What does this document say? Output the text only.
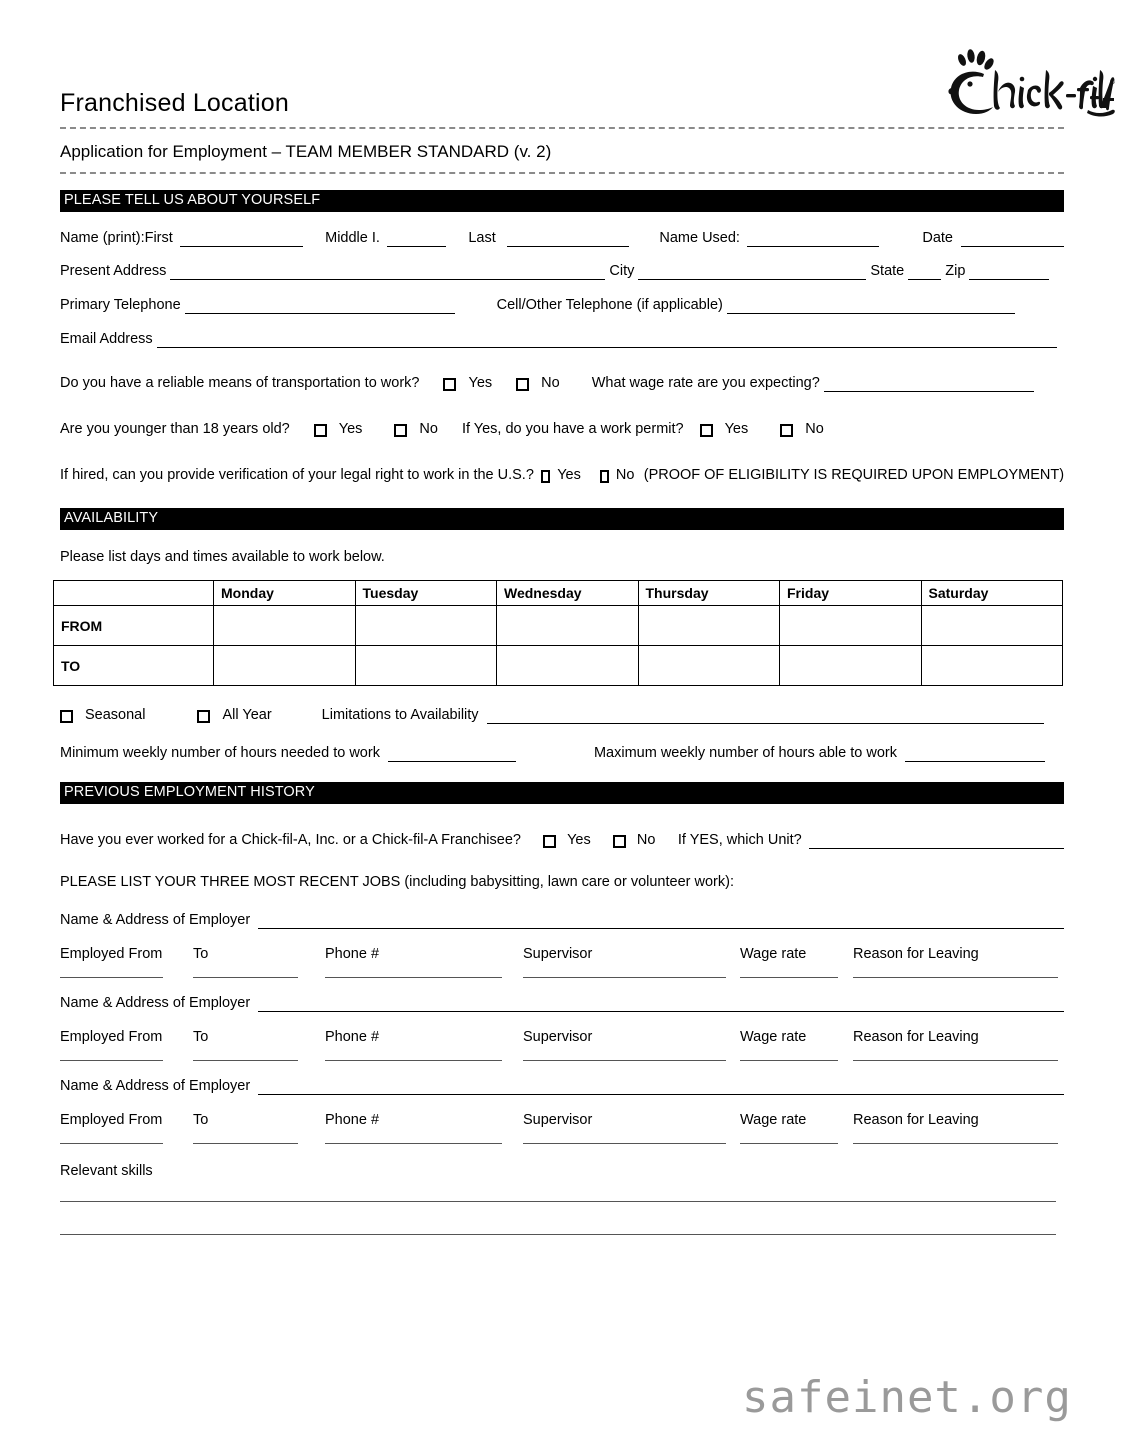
Franchised Location
Application for Employment – TEAM MEMBER STANDARD (v. 2)
PLEASE TELL US ABOUT YOURSELF
Name (print):First	Middle I.	Last	Name Used:	Date
Present Address	City	State	Zip
Primary Telephone	Cell/Other Telephone (if applicable)
Email Address
Do you have a reliable means of transportation to work?	Yes	No What wage rate are you expecting?
Are you younger than 18 years old?	Yes	No If Yes, do you have a work permit?	Yes	No
If hired, can you provide verification of your legal right to work in the U.S.? Yes No (PROOF OF ELIGIBILITY IS REQUIRED UPON EMPLOYMENT)
AVAILABILITY
Please list days and times available to work below.
	Monday	Tuesday	Wednesday	Thursday	Friday	Saturday
FROM						
TO						
Seasonal	All Year	Limitations to Availability
Minimum weekly number of hours needed to work	Maximum weekly number of hours able to work
PREVIOUS EMPLOYMENT HISTORY
Have you ever worked for a Chick-fil-A, Inc. or a Chick-fil-A Franchisee?	Yes	No If YES, which Unit?
PLEASE LIST YOUR THREE MOST RECENT JOBS (including babysitting, lawn care or volunteer work):
Name & Address of Employer
Employed From	To	Phone #	Supervisor	Wage rate	Reason for Leaving
Name & Address of Employer
Employed From	To	Phone #	Supervisor	Wage rate	Reason for Leaving
Name & Address of Employer
Employed From	To	Phone #	Supervisor	Wage rate	Reason for Leaving
Relevant skills
®
safeinet.org
